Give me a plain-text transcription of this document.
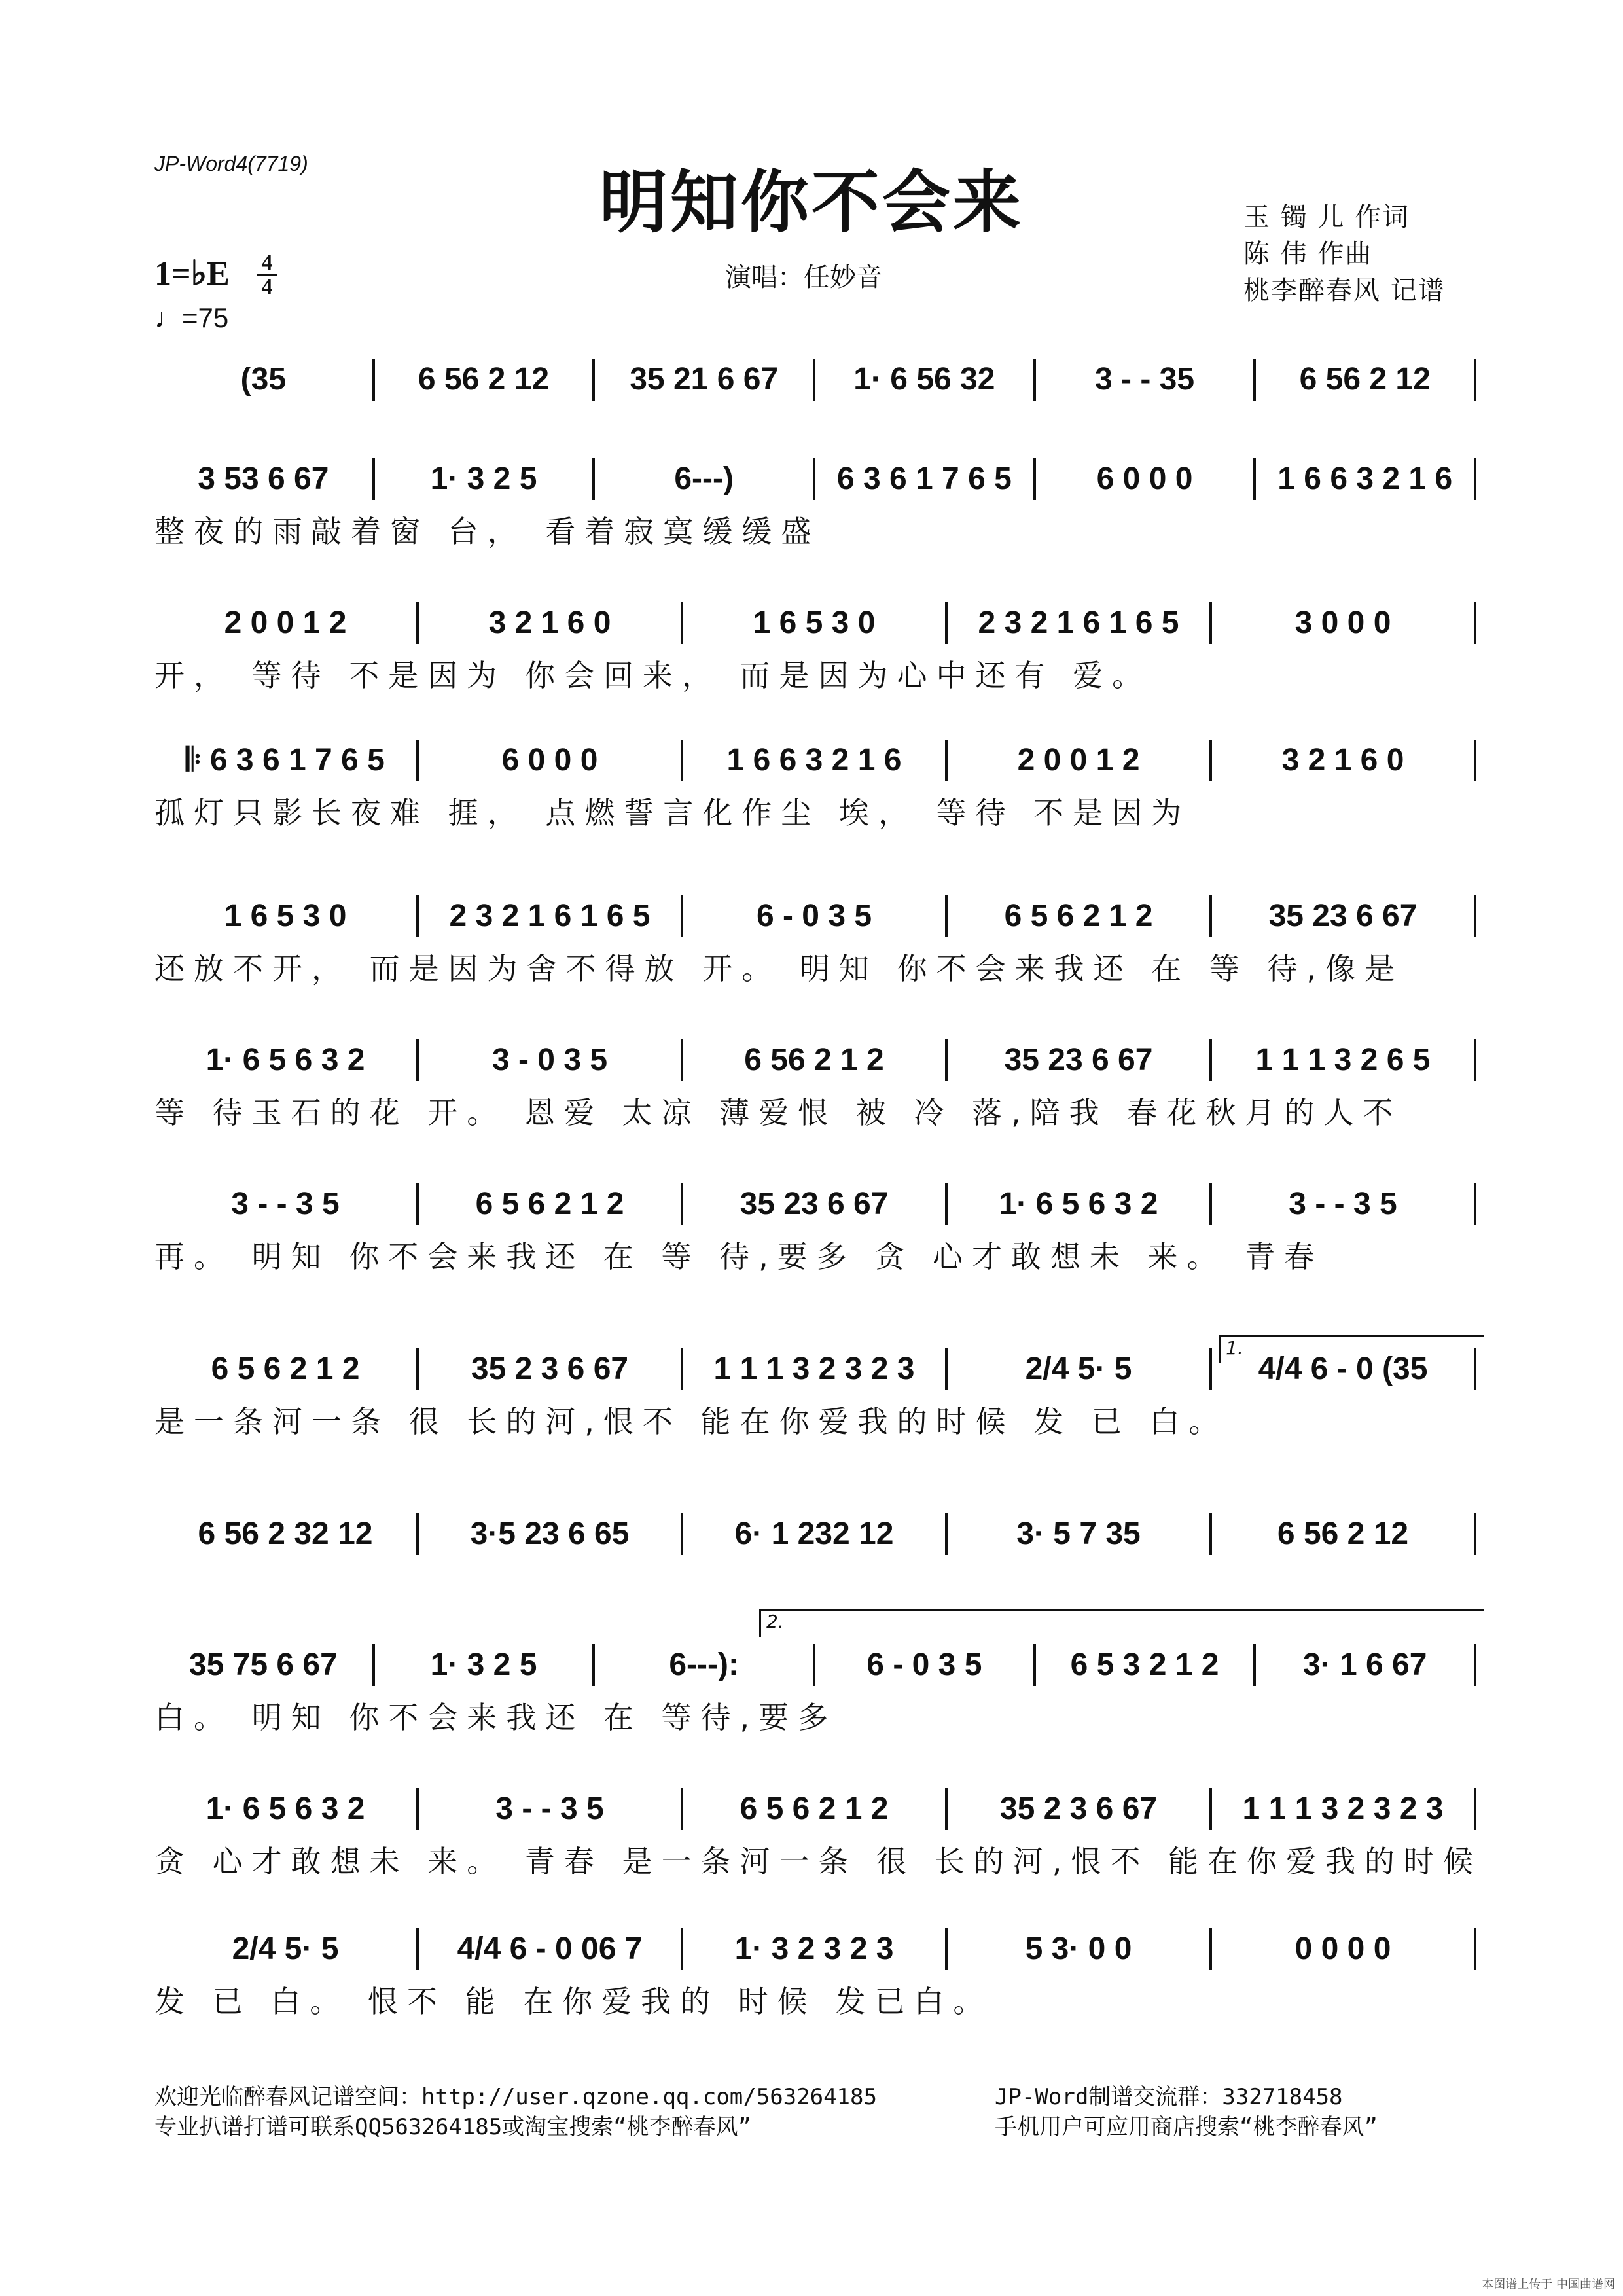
JP-Word4(7719)	明知你不会来
1=♭E 4
4
♩=75
演唱：任妙音
玉 镯 儿 作词
陈 伟 作曲
桃李醉春风 记谱
(35	6 56 2 12	35 21 6 67	1· 6 56 32	3 - - 35	6 56 2 12
3 53 6 67	1· 3 2 5	6---)	6 3 6 1 7 6 5	6 0 0 0	1 6 6 3 2 1 6
整夜的雨敲着窗 台， 看着寂寞缓缓盛
2 0 0 1 2	3 2 1 6 0	1 6 5 3 0	2 3 2 1 6 1 6 5	3 0 0 0
开， 等待 不是因为 你会回来， 而是因为心中还有 爱。
𝄆 6 3 6 1 7 6 5	6 0 0 0	1 6 6 3 2 1 6	2 0 0 1 2	3 2 1 6 0
孤灯只影长夜难 捱， 点燃誓言化作尘 埃， 等待 不是因为
1 6 5 3 0	2 3 2 1 6 1 6 5	6 - 0 3 5	6 5 6 2 1 2	35 23 6 67
还放不开， 而是因为舍不得放 开。 明知 你不会来我还 在 等 待,像是
1· 6 5 6 3 2	3 - 0 3 5	6 56 2 1 2	35 23 6 67	1 1 1 3 2 6 5
等 待玉石的花 开。 恩爱 太凉 薄爱恨 被 冷 落,陪我 春花秋月的人不
3 - - 3 5	6 5 6 2 1 2	35 23 6 67	1· 6 5 6 3 2	3 - - 3 5
再。 明知 你不会来我还 在 等 待,要多 贪 心才敢想未 来。 青春
6 5 6 2 1 2	35 2 3 6 67	1 1 1 3 2 3 2 3	2/4 5· 5	4/4 6 - 0 (35
是一条河一条 很 长的河,恨不 能在你爱我的时候 发 已 白。
6 56 2 32 12	3·5 23 6 65	6· 1 232 12	3· 5 7 35	6 56 2 12
35 75 6 67	1· 3 2 5	6---):	6 - 0 3 5	6 5 3 2 1 2	3· 1 6 67
白。 明知 你不会来我还 在 等待,要多
1· 6 5 6 3 2	3 - - 3 5	6 5 6 2 1 2	35 2 3 6 67	1 1 1 3 2 3 2 3
贪 心才敢想未 来。 青春 是一条河一条 很 长的河,恨不 能在你爱我的时候
2/4 5· 5	4/4 6 - 0 06 7	1· 3 2 3 2 3	5 3· 0 0	0 0 0 0
发 已 白。 恨不 能 在你爱我的 时候 发已白。
1.
2.
欢迎光临醉春风记谱空间：http://user.qzone.qq.com/563264185	JP-Word制谱交流群：332718458
专业扒谱打谱可联系QQ563264185或淘宝搜索“桃李醉春风”	手机用户可应用商店搜索“桃李醉春风”
本图谱上传于 中国曲谱网
